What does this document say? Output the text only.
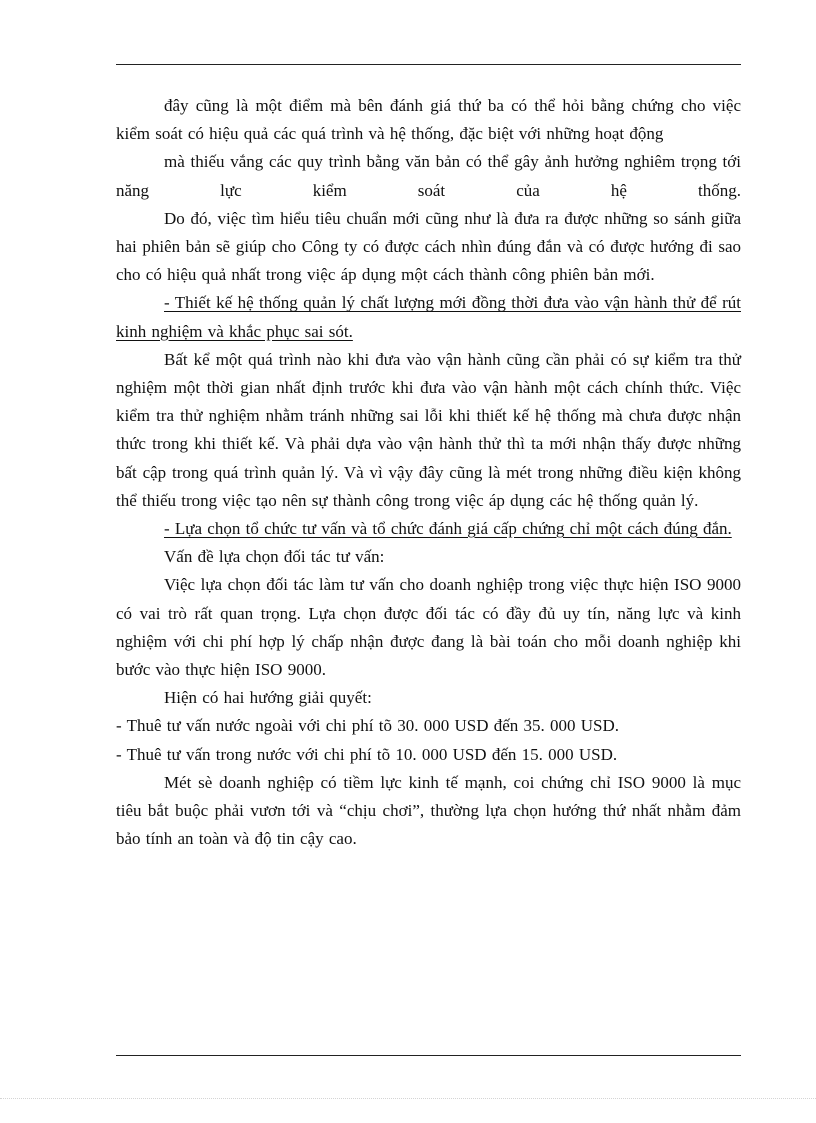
đây cũng là một điểm mà bên đánh giá thứ ba có thể hỏi bằng chứng cho việc kiểm soát có hiệu quả các quá trình và hệ thống, đặc biệt với những hoạt động

mà thiếu vắng các quy trình bằng văn bản có thể gây ảnh hưởng nghiêm trọng tới năng lực kiểm soát của hệ thống.

Do đó, việc tìm hiểu tiêu chuẩn mới cũng như là đưa ra được những so sánh giữa hai phiên bản sẽ giúp cho Công ty có được cách nhìn đúng đắn và có được hướng đi sao cho có hiệu quả nhất trong việc áp dụng một cách thành công phiên bản mới.

- Thiết kế hệ thống quản lý chất lượng mới đồng thời đưa vào vận hành thử để rút kinh nghiệm và khắc phục sai sót.

Bất kể một quá trình nào khi đưa vào vận hành cũng cần phải có sự kiểm tra thử nghiệm một thời gian nhất định trước khi đưa vào vận hành một cách chính thức. Việc kiểm tra thử nghiệm nhằm tránh những sai lỗi khi thiết kế hệ thống mà chưa được nhận thức trong khi thiết kế. Và phải dựa vào vận hành thử thì ta mới nhận thấy được những bất cập trong quá trình quản lý. Và vì vậy đây cũng là mét trong những điều kiện không thể thiếu trong việc tạo nên sự thành công trong việc áp dụng các hệ thống quản lý.

- Lựa chọn tổ chức tư vấn và tổ chức đánh giá cấp chứng chỉ một cách đúng đắn.

Vấn đề lựa chọn đối tác tư vấn:

Việc lựa chọn đối tác làm tư vấn cho doanh nghiệp trong việc thực hiện ISO 9000 có vai trò rất quan trọng. Lựa chọn được đối tác có đầy đủ uy tín, năng lực và kinh nghiệm với chi phí hợp lý chấp nhận được đang là bài toán cho mỗi doanh nghiệp khi bước vào thực hiện ISO 9000.

Hiện có hai hướng giải quyết:

- Thuê tư vấn nước ngoài với chi phí tõ 30. 000 USD đến 35. 000 USD.

- Thuê tư vấn trong nước với chi phí tõ 10. 000 USD đến 15. 000 USD.

Mét sè doanh nghiệp có tiềm lực kinh tế mạnh, coi chứng chỉ ISO 9000 là mục tiêu bắt buộc phải vươn tới và “chịu chơi”, thường lựa chọn hướng thứ nhất nhằm đảm bảo tính an toàn và độ tin cậy cao.
